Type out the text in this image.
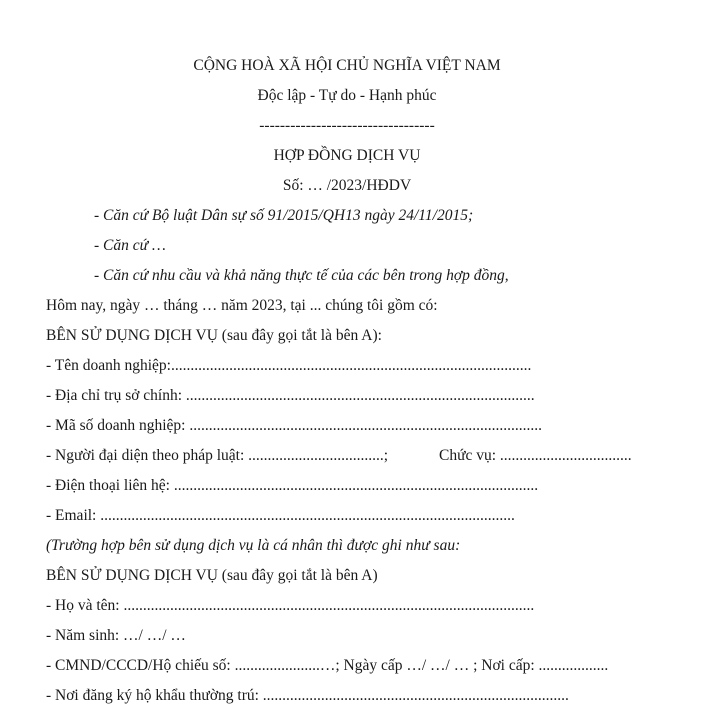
CỘNG HOÀ XÃ HỘI CHỦ NGHĨA VIỆT NAM
Độc lập - Tự do - Hạnh phúc
----------------------------------
HỢP ĐỒNG DỊCH VỤ
Số: … /2023/HĐDV
- Căn cứ Bộ luật Dân sự số 91/2015/QH13 ngày 24/11/2015;
- Căn cứ …
- Căn cứ nhu cầu và khả năng thực tế của các bên trong hợp đồng,
Hôm nay, ngày … tháng … năm 2023, tại ... chúng tôi gồm có:
BÊN SỬ DỤNG DỊCH VỤ (sau đây gọi tắt là bên A):
- Tên doanh nghiệp:.............................................................................................
- Địa chỉ trụ sở chính: ..........................................................................................
- Mã số doanh nghiệp: ...........................................................................................
- Người đại diện theo pháp luật: ...................................;	Chức vụ: ..................................
- Điện thoại liên hệ: ..............................................................................................
- Email: ...........................................................................................................
(Trường hợp bên sử dụng dịch vụ là cá nhân thì được ghi như sau:
BÊN SỬ DỤNG DỊCH VỤ (sau đây gọi tắt là bên A)
- Họ và tên: ..........................................................................................................
- Năm sinh: …/ …/ …
- CMND/CCCD/Hộ chiếu số: ......................…; Ngày cấp …/ …/ … ; Nơi cấp: ..................
- Nơi đăng ký hộ khẩu thường trú: ...............................................................................
